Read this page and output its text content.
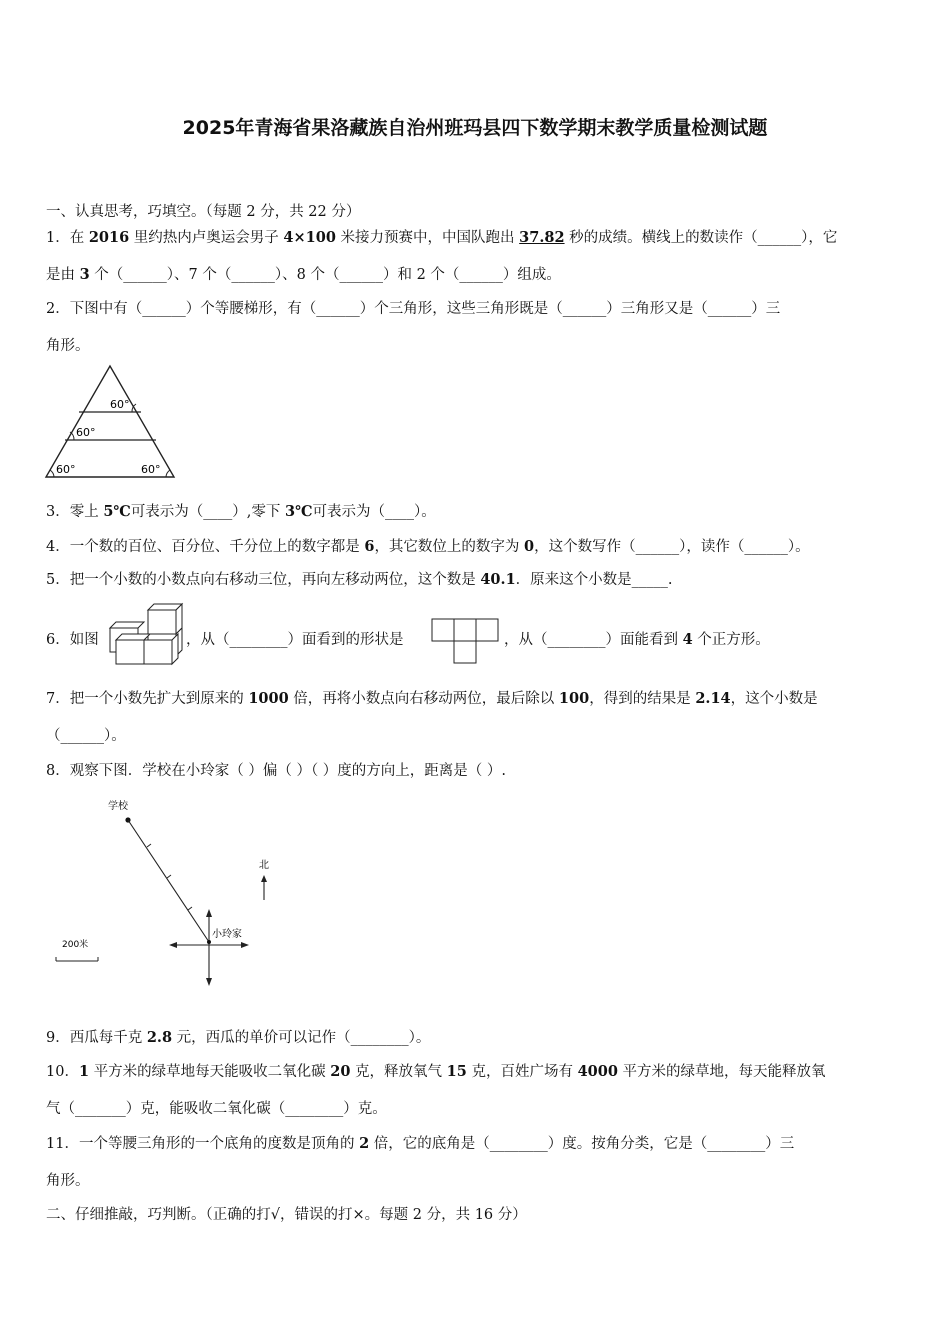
2025年青海省果洛藏族自治州班玛县四下数学期末教学质量检测试题
一、认真思考，巧填空。（每题 2 分，共 22 分）
1．在 2016 里约热内卢奥运会男子 4×100 米接力预赛中，中国队跑出 37.82 秒的成绩。横线上的数读作（______），它
是由 3 个（______）、7 个（______）、8 个（______）和 2 个（______）组成。
2．下图中有（______）个等腰梯形，有（______）个三角形，这些三角形既是（______）三角形又是（______）三
角形。
60°
60°
60°	60°
3．零上 5℃可表示为（____）,零下 3℃可表示为（____）。
4．一个数的百位、百分位、千分位上的数字都是 6，其它数位上的数字为 0，这个数写作（______），读作（______）。
5．把一个小数的小数点向右移动三位，再向左移动两位，这个数是 40.1．原来这个小数是_____.
6．如图	，从（________）面看到的形状是	，从（________）面能看到 4 个正方形。
7．把一个小数先扩大到原来的 1000 倍，再将小数点向右移动两位，最后除以 100，得到的结果是 2.14，这个小数是
（______）。
8．观察下图．学校在小玲家（ ）偏（ ）（ ）度的方向上，距离是（ ）.
学校
小玲家
北
200米
9．西瓜每千克 2.8 元，西瓜的单价可以记作（________）。
10．1 平方米的绿草地每天能吸收二氧化碳 20 克，释放氧气 15 克，百姓广场有 4000 平方米的绿草地，每天能释放氧
气（_______）克，能吸收二氧化碳（________）克。
11．一个等腰三角形的一个底角的度数是顶角的 2 倍，它的底角是（________）度。按角分类，它是（________）三
角形。
二、仔细推敲，巧判断。（正确的打√，错误的打×。每题 2 分，共 16 分）
